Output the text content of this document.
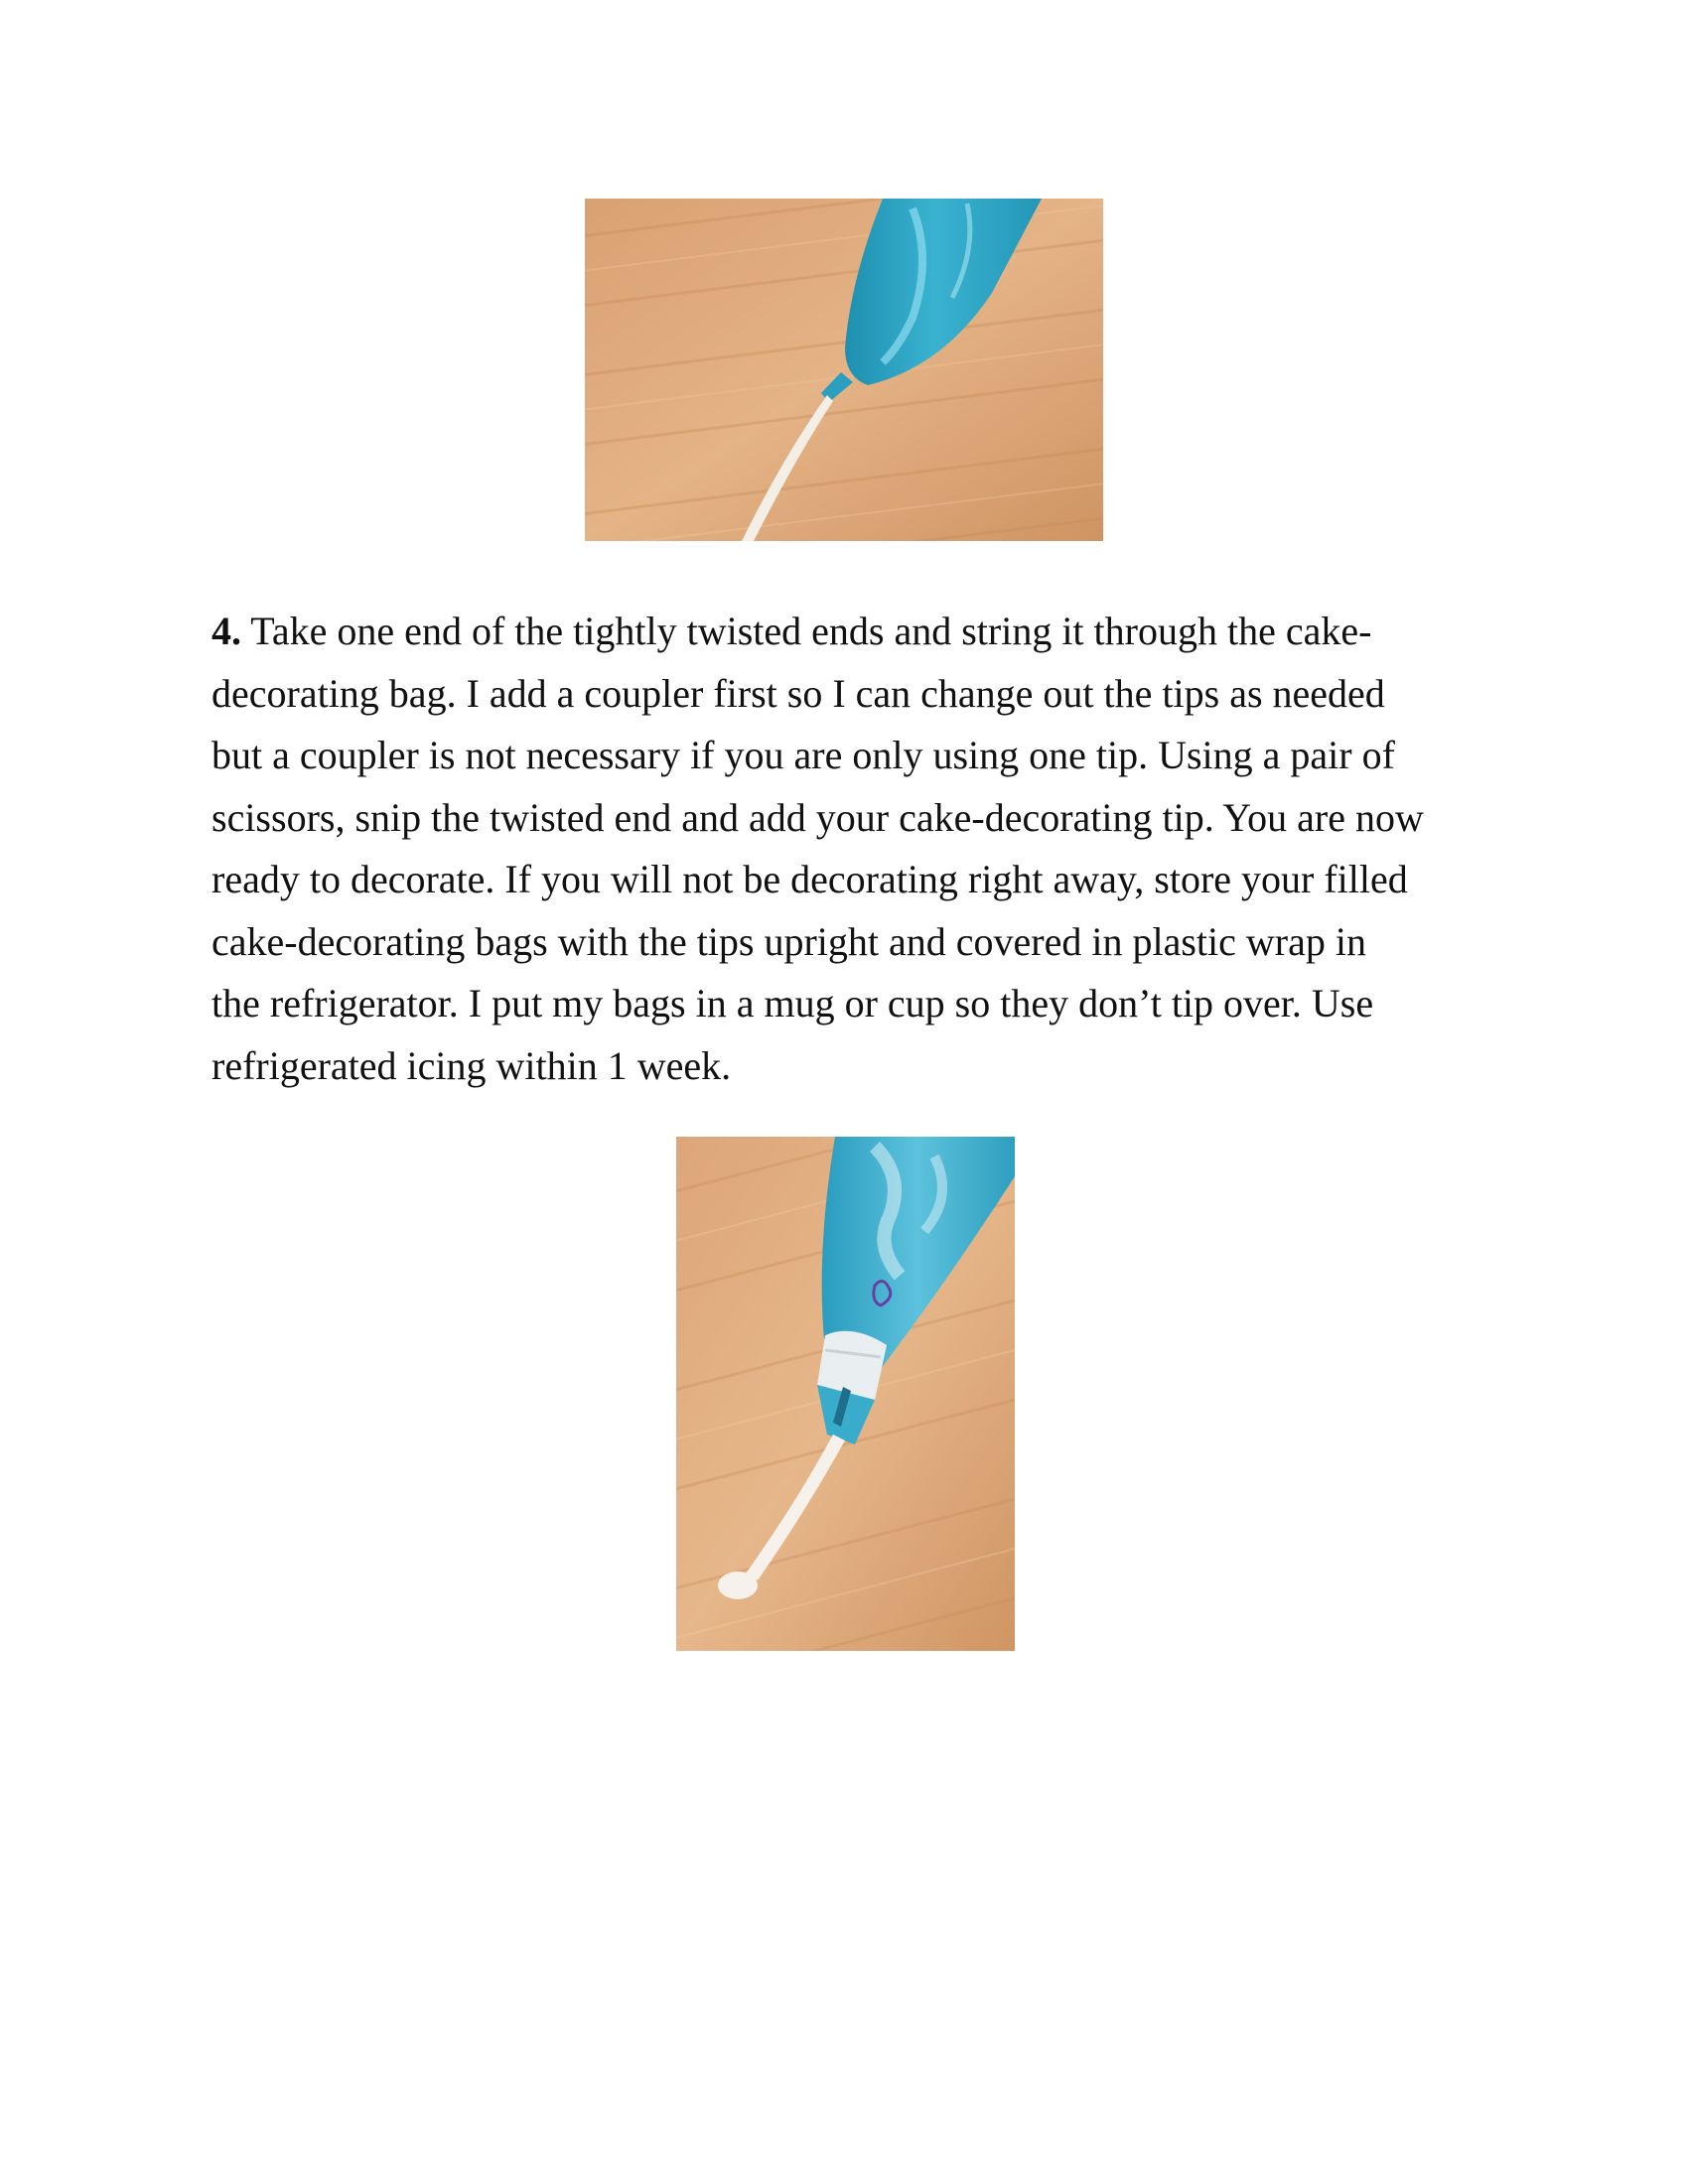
4. Take one end of the tightly twisted ends and string it through the cake-
decorating bag. I add a coupler first so I can change out the tips as needed
but a coupler is not necessary if you are only using one tip. Using a pair of
scissors, snip the twisted end and add your cake-decorating tip. You are now
ready to decorate. If you will not be decorating right away, store your filled
cake-decorating bags with the tips upright and covered in plastic wrap in
the refrigerator. I put my bags in a mug or cup so they don’t tip over. Use
refrigerated icing within 1 week.
